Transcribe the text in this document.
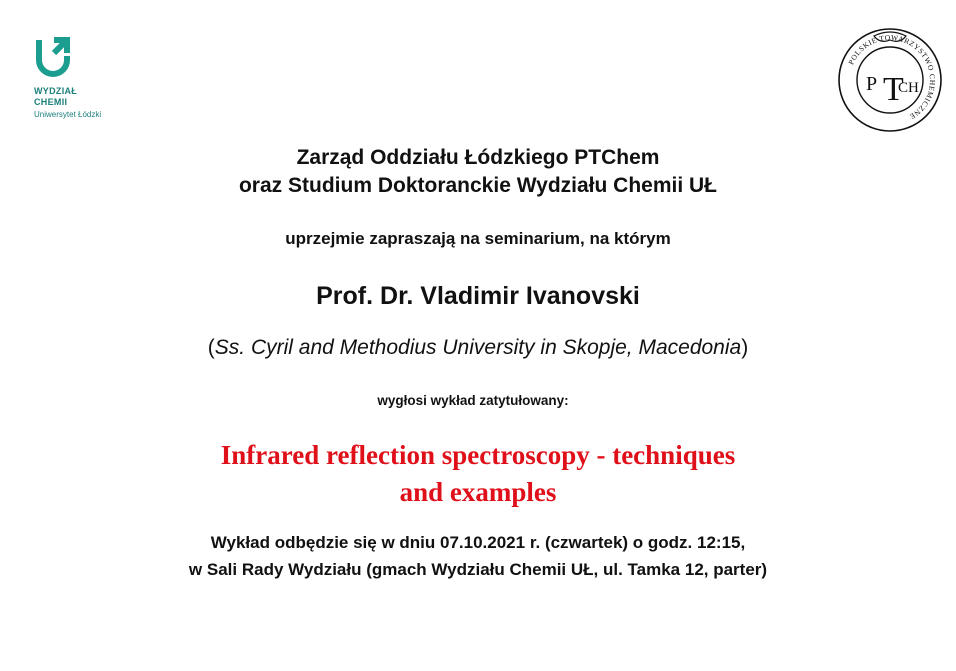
WYDZIAŁ
CHEMII
Uniwersytet Łódzki
POLSKIE TOWARZYSTWO CHEMICZNE
P T
CH
Zarząd Oddziału Łódzkiego PTChem
oraz Studium Doktoranckie Wydziału Chemii UŁ
uprzejmie zapraszają na seminarium, na którym
Prof. Dr. Vladimir Ivanovski
(Ss. Cyril and Methodius University in Skopje, Macedonia)
wygłosi wykład zatytułowany:
Infrared reflection spectroscopy - techniques
and examples
Wykład odbędzie się w dniu 07.10.2021 r. (czwartek) o godz. 12:15,
w Sali Rady Wydziału (gmach Wydziału Chemii UŁ, ul. Tamka 12, parter)
